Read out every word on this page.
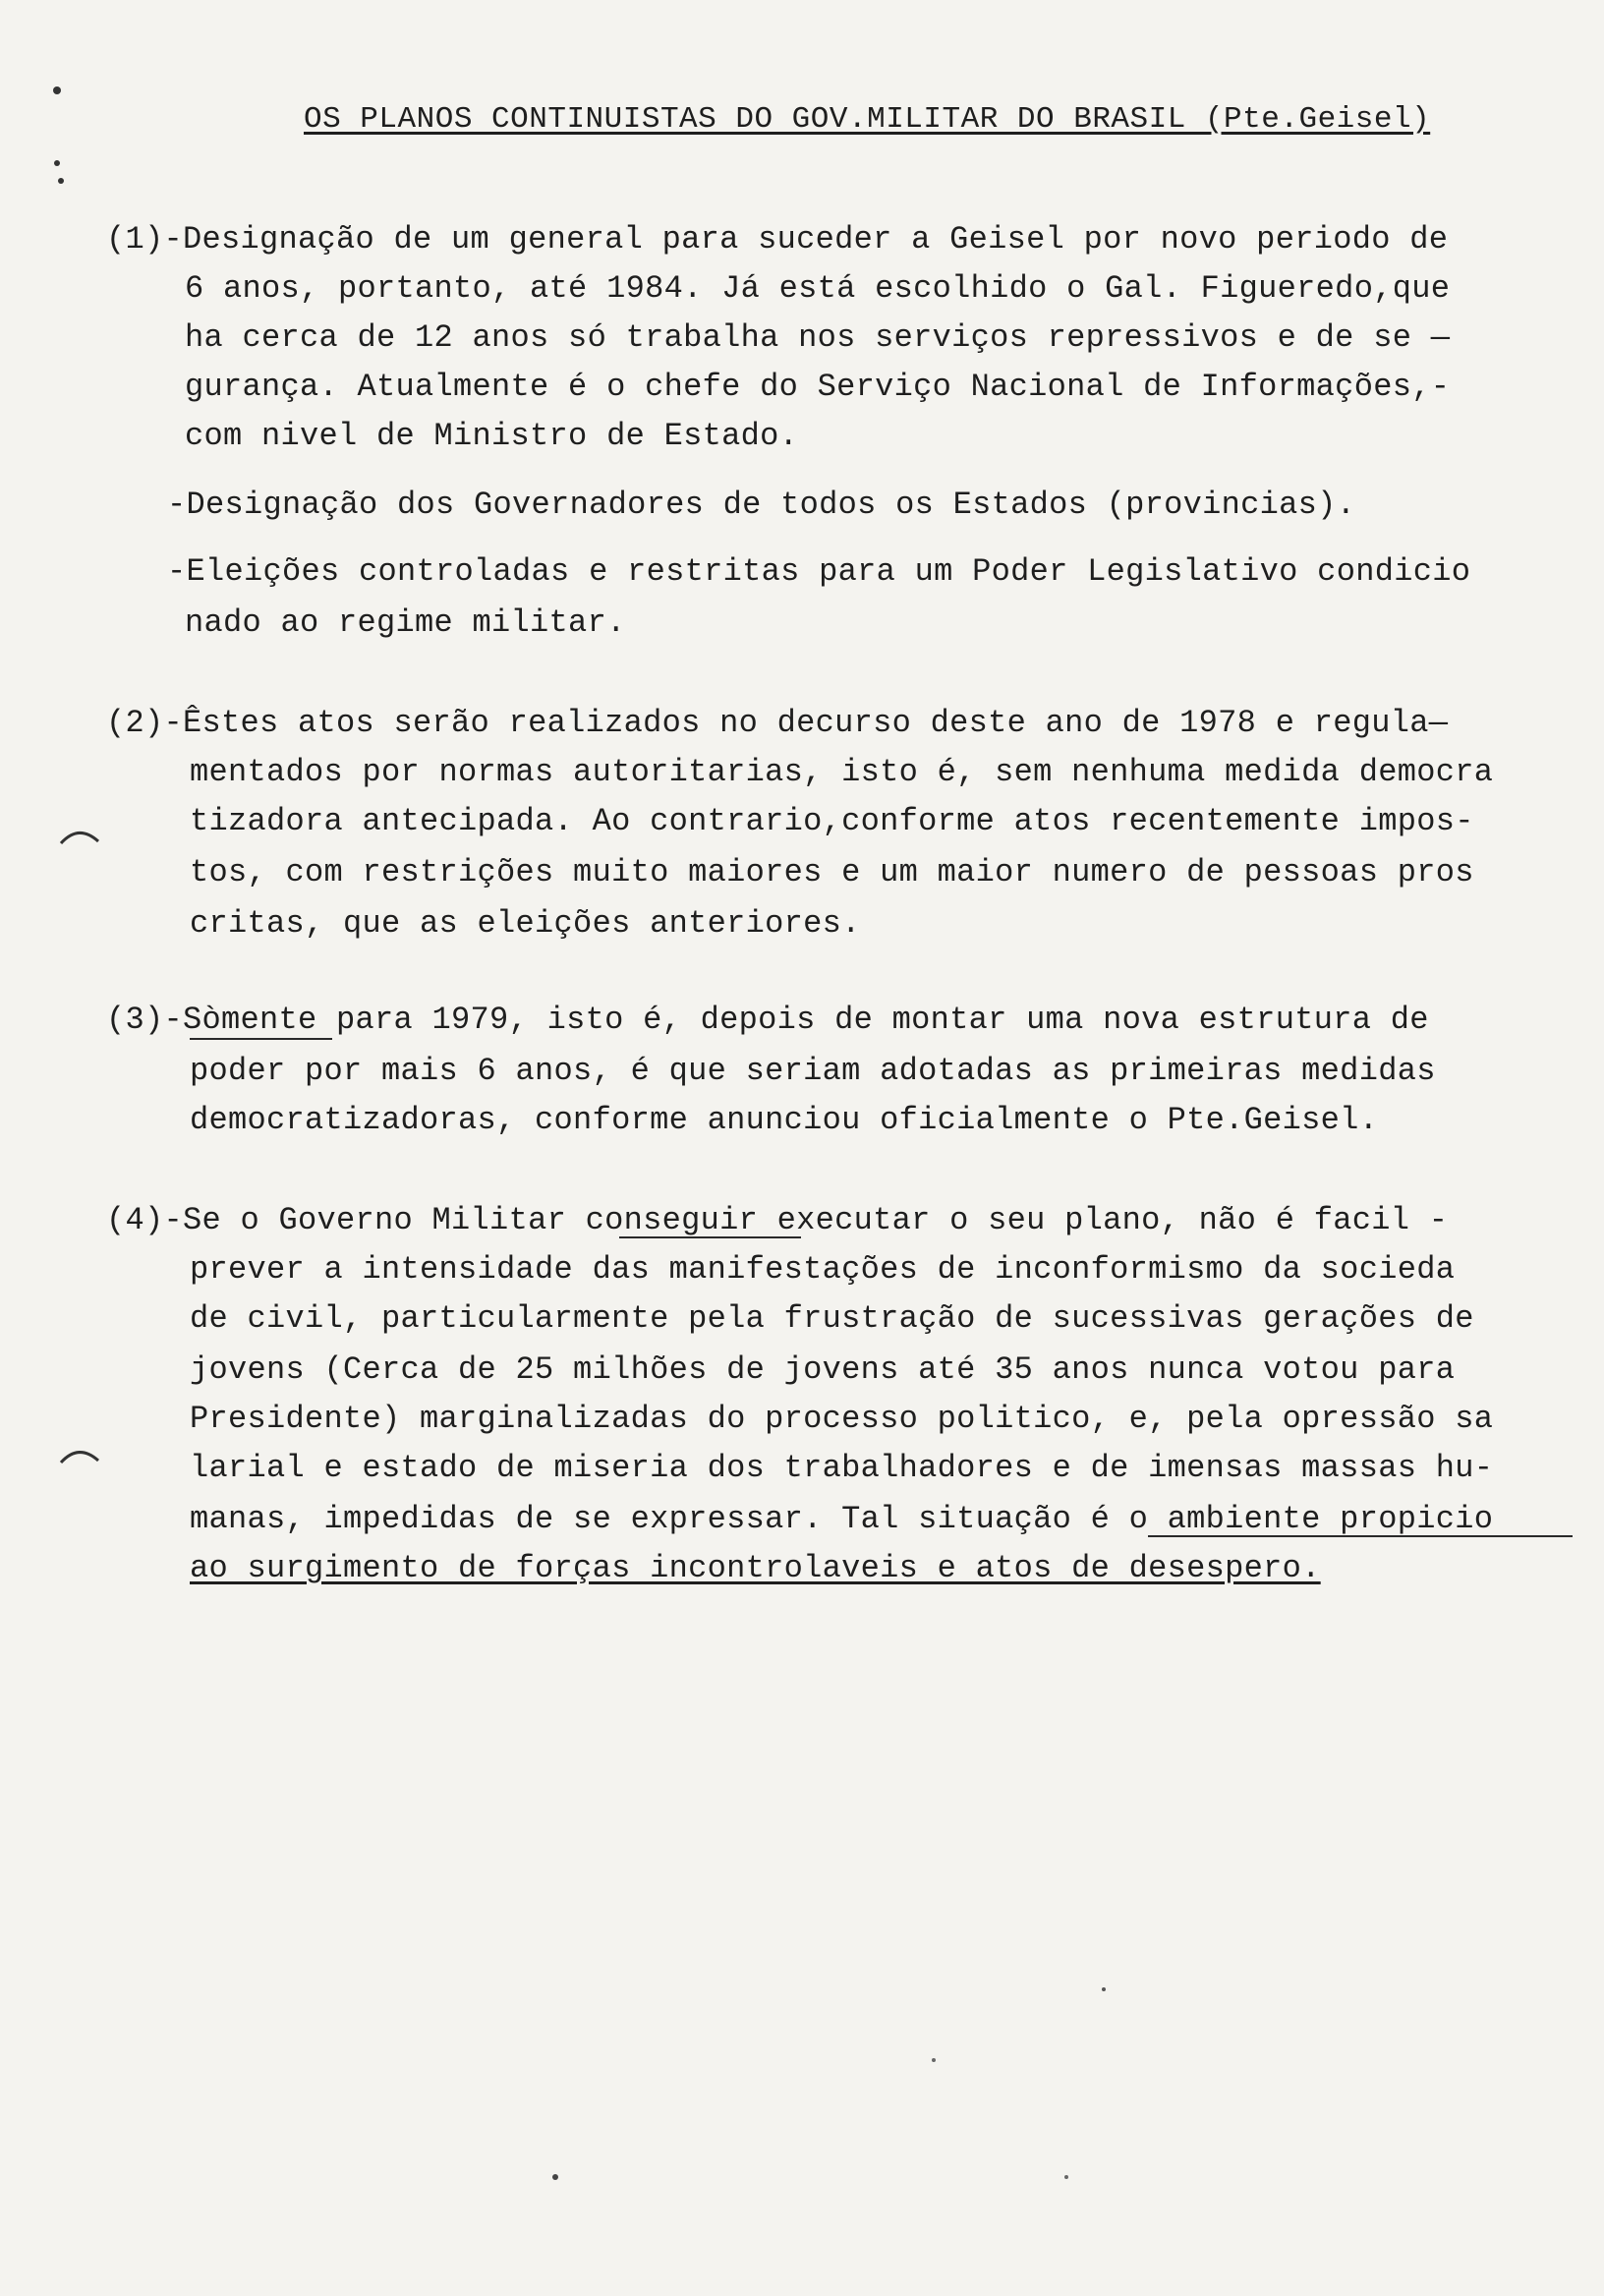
OS PLANOS CONTINUISTAS DO GOV.MILITAR DO BRASIL (Pte.Geisel)
(1)-Designação de um general para suceder a Geisel por novo periodo de
6 anos, portanto, até 1984. Já está escolhido o Gal. Figueredo,que
ha cerca de 12 anos só trabalha nos serviços repressivos e de se —
gurança. Atualmente é o chefe do Serviço Nacional de Informações,-
com nivel de Ministro de Estado.
-Designação dos Governadores de todos os Estados (provincias).
-Eleições controladas e restritas para um Poder Legislativo condicio
nado ao regime militar.
(2)-Êstes atos serão realizados no decurso deste ano de 1978 e regula—
mentados por normas autoritarias, isto é, sem nenhuma medida democra
tizadora antecipada. Ao contrario,conforme atos recentemente impos-
tos, com restrições muito maiores e um maior numero de pessoas pros
critas, que as eleições anteriores.
(3)-Sòmente para 1979, isto é, depois de montar uma nova estrutura de
poder por mais 6 anos, é que seriam adotadas as primeiras medidas
democratizadoras, conforme anunciou oficialmente o Pte.Geisel.
(4)-Se o Governo Militar conseguir executar o seu plano, não é facil -
prever a intensidade das manifestações de inconformismo da socieda
de civil, particularmente pela frustração de sucessivas gerações de
jovens (Cerca de 25 milhões de jovens até 35 anos nunca votou para
Presidente) marginalizadas do processo politico, e, pela opressão sa
larial e estado de miseria dos trabalhadores e de imensas massas hu-
manas, impedidas de se expressar. Tal situação é o ambiente propicio
ao surgimento de forças incontrolaveis e atos de desespero.
